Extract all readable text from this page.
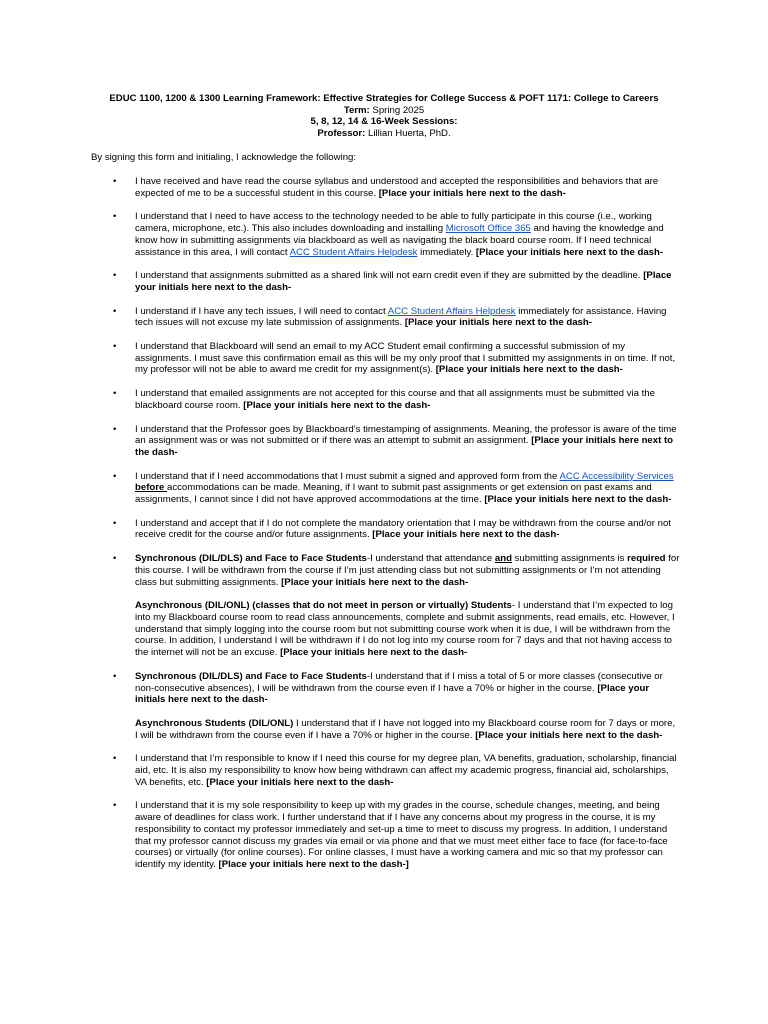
EDUC 1100, 1200 & 1300 Learning Framework: Effective Strategies for College Success & POFT 1171: College to Careers
Term: Spring 2025
5, 8, 12, 14 & 16-Week Sessions:
Professor: Lillian Huerta, PhD.
By signing this form and initialing, I acknowledge the following:
• I have received and have read the course syllabus and understood and accepted the responsibilities and behaviors that are expected of me to be a successful student in this course. [Place your initials here next to the dash-
• I understand that I need to have access to the technology needed to be able to fully participate in this course (i.e., working camera, microphone, etc.). This also includes downloading and installing Microsoft Office 365 and having the knowledge and know how in submitting assignments via blackboard as well as navigating the black board course room. If I need technical assistance in this area, I will contact ACC Student Affairs Helpdesk immediately. [Place your initials here next to the dash-
• I understand that assignments submitted as a shared link will not earn credit even if they are submitted by the deadline. [Place your initials here next to the dash-
• I understand if I have any tech issues, I will need to contact ACC Student Affairs Helpdesk immediately for assistance. Having tech issues will not excuse my late submission of assignments. [Place your initials here next to the dash-
• I understand that Blackboard will send an email to my ACC Student email confirming a successful submission of my assignments. I must save this confirmation email as this will be my only proof that I submitted my assignments in on time. If not, my professor will not be able to award me credit for my assignment(s). [Place your initials here next to the dash-
• I understand that emailed assignments are not accepted for this course and that all assignments must be submitted via the blackboard course room. [Place your initials here next to the dash-
• I understand that the Professor goes by Blackboard’s timestamping of assignments. Meaning, the professor is aware of the time an assignment was or was not submitted or if there was an attempt to submit an assignment. [Place your initials here next to the dash-
• I understand that if I need accommodations that I must submit a signed and approved form from the ACC Accessibility Services before accommodations can be made. Meaning, if I want to submit past assignments or get extension on past exams and assignments, I cannot since I did not have approved accommodations at the time. [Place your initials here next to the dash-
• I understand and accept that if I do not complete the mandatory orientation that I may be withdrawn from the course and/or not receive credit for the course and/or future assignments. [Place your initials here next to the dash-
• Synchronous (DIL/DLS) and Face to Face Students-I understand that attendance and submitting assignments is required for this course. I will be withdrawn from the course if I’m just attending class but not submitting assignments or I’m not attending class but submitting assignments. [Place your initials here next to the dash-
Asynchronous (DIL/ONL) (classes that do not meet in person or virtually) Students- I understand that I’m expected to log into my Blackboard course room to read class announcements, complete and submit assignments, read emails, etc. However, I understand that simply logging into the course room but not submitting course work when it is due, I will be withdrawn from the course. In addition, I understand I will be withdrawn if I do not log into my course room for 7 days and that not having access to the internet will not be an excuse. [Place your initials here next to the dash-
• Synchronous (DIL/DLS) and Face to Face Students-I understand that if I miss a total of 5 or more classes (consecutive or non-consecutive absences), I will be withdrawn from the course even if I have a 70% or higher in the course. [Place your initials here next to the dash-
Asynchronous Students (DIL/ONL) I understand that if I have not logged into my Blackboard course room for 7 days or more, I will be withdrawn from the course even if I have a 70% or higher in the course. [Place your initials here next to the dash-
• I understand that I’m responsible to know if I need this course for my degree plan, VA benefits, graduation, scholarship, financial aid, etc. It is also my responsibility to know how being withdrawn can affect my academic progress, financial aid, scholarships, VA benefits, etc. [Place your initials here next to the dash-
• I understand that it is my sole responsibility to keep up with my grades in the course, schedule changes, meeting, and being aware of deadlines for class work. I further understand that if I have any concerns about my progress in the course, it is my responsibility to contact my professor immediately and set-up a time to meet to discuss my progress. In addition, I understand that my professor cannot discuss my grades via email or via phone and that we must meet either face to face (for face-to-face courses) or virtually (for online courses). For online classes, I must have a working camera and mic so that my professor can identify my identity. [Place your initials here next to the dash-]
